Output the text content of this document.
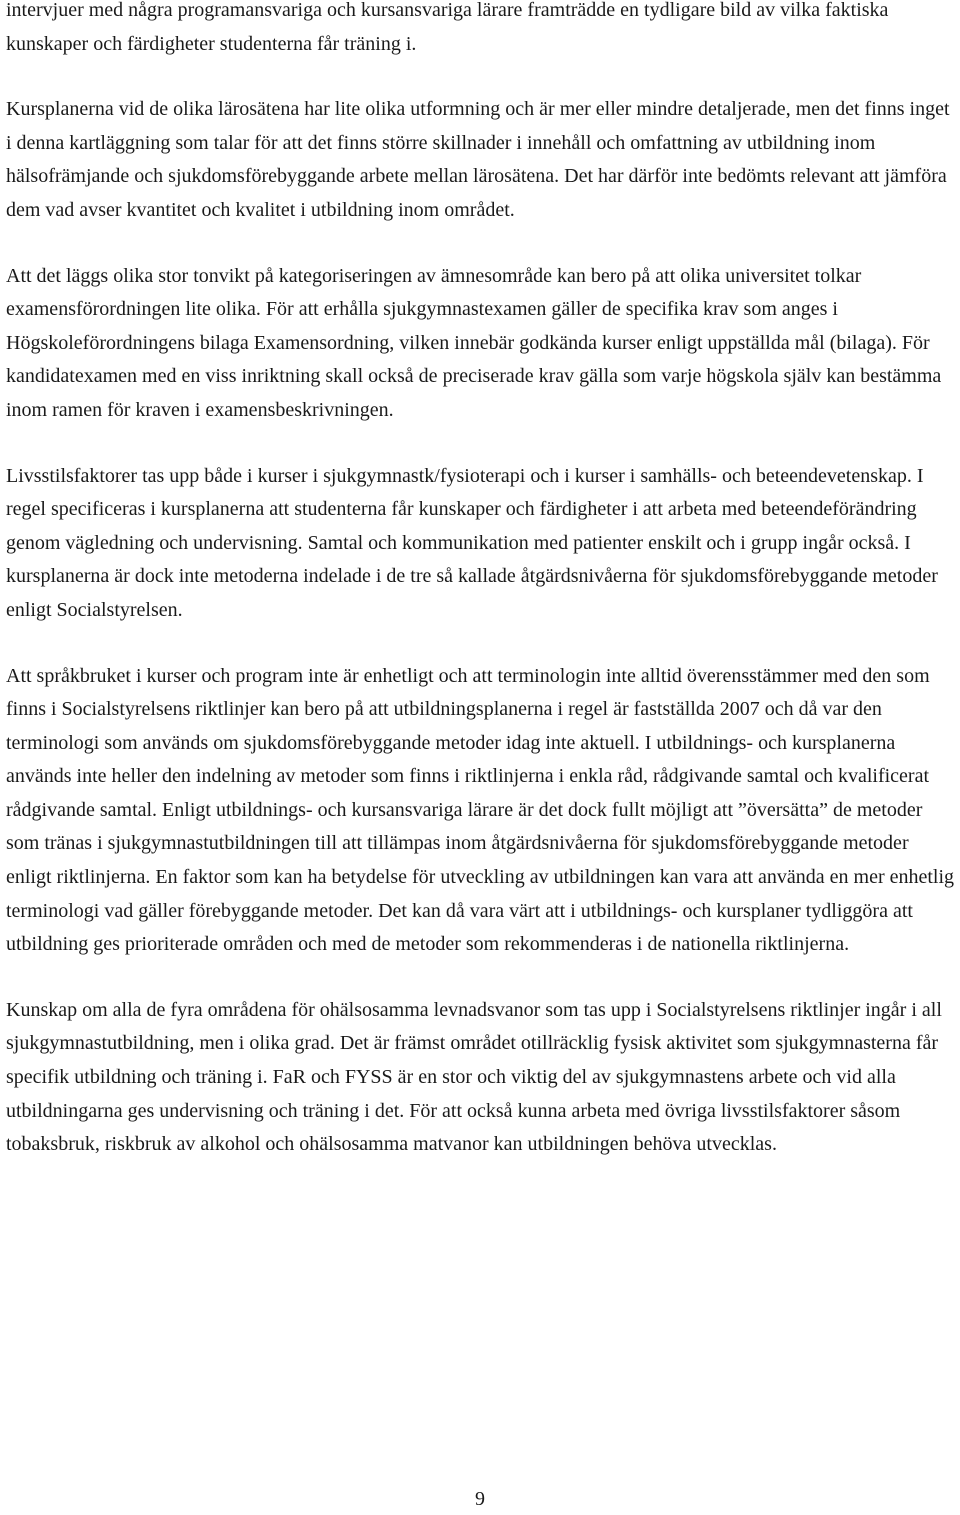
intervjuer med några programansvariga och kursansvariga lärare framträdde en tydligare bild av vilka faktiska kunskaper och färdigheter studenterna får träning i.

Kursplanerna vid de olika lärosätena har lite olika utformning och är mer eller mindre detaljerade, men det finns inget i denna kartläggning som talar för att det finns större skillnader i innehåll och omfattning av utbildning inom hälsofrämjande och sjukdomsförebyggande arbete mellan lärosätena. Det har därför inte bedömts relevant att jämföra dem vad avser kvantitet och kvalitet i utbildning inom området.

Att det läggs olika stor tonvikt på kategoriseringen av ämnesområde kan bero på att olika universitet tolkar examensförordningen lite olika. För att erhålla sjukgymnastexamen gäller de specifika krav som anges i Högskoleförordningens bilaga Examensordning, vilken innebär godkända kurser enligt uppställda mål (bilaga). För kandidatexamen med en viss inriktning skall också de preciserade krav gälla som varje högskola själv kan bestämma inom ramen för kraven i examensbeskrivningen.

Livsstilsfaktorer tas upp både i kurser i sjukgymnastk/fysioterapi och i kurser i samhälls- och beteendevetenskap. I regel specificeras i kursplanerna att studenterna får kunskaper och färdigheter i att arbeta med beteendeförändring genom vägledning och undervisning. Samtal och kommunikation med patienter enskilt och i grupp ingår också. I kursplanerna är dock inte metoderna indelade i de tre så kallade åtgärdsnivåerna för sjukdomsförebyggande metoder enligt Socialstyrelsen.

Att språkbruket i kurser och program inte är enhetligt och att terminologin inte alltid överensstämmer med den som finns i Socialstyrelsens riktlinjer kan bero på att utbildningsplanerna i regel är fastställda 2007 och då var den terminologi som används om sjukdomsförebyggande metoder idag inte aktuell. I utbildnings- och kursplanerna används inte heller den indelning av metoder som finns i riktlinjerna i enkla råd, rådgivande samtal och kvalificerat rådgivande samtal. Enligt utbildnings- och kursansvariga lärare är det dock fullt möjligt att ”översätta” de metoder som tränas i sjukgymnastutbildningen till att tillämpas inom åtgärdsnivåerna för sjukdomsförebyggande metoder enligt riktlinjerna. En faktor som kan ha betydelse för utveckling av utbildningen kan vara att använda en mer enhetlig terminologi vad gäller förebyggande metoder. Det kan då vara värt att i utbildnings- och kursplaner tydliggöra att utbildning ges prioriterade områden och med de metoder som rekommenderas i de nationella riktlinjerna.

Kunskap om alla de fyra områdena för ohälsosamma levnadsvanor som tas upp i Socialstyrelsens riktlinjer ingår i all sjukgymnastutbildning, men i olika grad. Det är främst området otillräcklig fysisk aktivitet som sjukgymnasterna får specifik utbildning och träning i. FaR och FYSS är en stor och viktig del av sjukgymnastens arbete och vid alla utbildningarna ges undervisning och träning i det. För att också kunna arbeta med övriga livsstilsfaktorer såsom tobaksbruk, riskbruk av alkohol och ohälsosamma matvanor kan utbildningen behöva utvecklas.

9
